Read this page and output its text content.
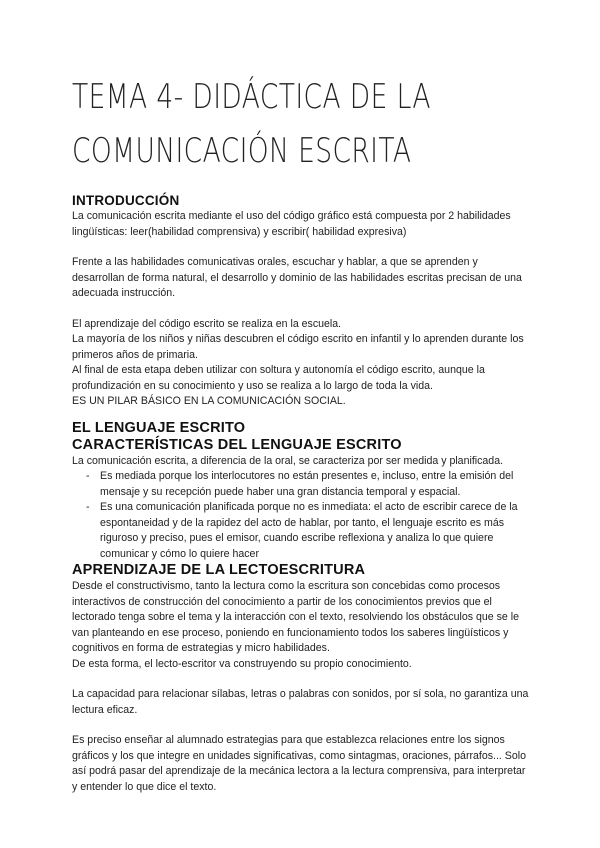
TEMA 4- DIDÁCTICA DE LA COMUNICACIÓN ESCRITA
INTRODUCCIÓN

La comunicación escrita mediante el uso del código gráfico está compuesta por 2 habilidades lingüísticas: leer(habilidad comprensiva) y escribir( habilidad expresiva)

Frente a las habilidades comunicativas orales, escuchar y hablar, a que se aprenden y desarrollan de forma natural, el desarrollo y dominio de las habilidades escritas precisan de una adecuada instrucción.

El aprendizaje del código escrito se realiza en la escuela.

La mayoría de los niños y niñas descubren el código escrito en infantil y lo aprenden durante los primeros años de primaria.

Al final de esta etapa deben utilizar con soltura y autonomía el código escrito, aunque la profundización en su conocimiento y uso se realiza a lo largo de toda la vida.

ES UN PILAR BÁSICO EN LA COMUNICACIÓN SOCIAL.

EL LENGUAJE ESCRITO
CARACTERÍSTICAS DEL LENGUAJE ESCRITO

La comunicación escrita, a diferencia de la oral, se caracteriza por ser medida y planificada.

- Es mediada porque los interlocutores no están presentes e, incluso, entre la emisión del mensaje y su recepción puede haber una gran distancia temporal y espacial.
- Es una comunicación planificada porque no es inmediata: el acto de escribir carece de la espontaneidad y de la rapidez del acto de hablar, por tanto, el lenguaje escrito es más riguroso y preciso, pues el emisor, cuando escribe reflexiona y analiza lo que quiere comunicar y cómo lo quiere hacer
APRENDIZAJE DE LA LECTOESCRITURA

Desde el constructivismo, tanto la lectura como la escritura son concebidas como procesos interactivos de construcción del conocimiento a partir de los conocimientos previos que el lectorado tenga sobre el tema y la interacción con el texto, resolviendo los obstáculos que se le van planteando en ese proceso, poniendo en funcionamiento todos los saberes lingüísticos y cognitivos en forma de estrategias y micro habilidades.

De esta forma, el lecto-escritor va construyendo su propio conocimiento.

La capacidad para relacionar sílabas, letras o palabras con sonidos, por sí sola, no garantiza una lectura eficaz.

Es preciso enseñar al alumnado estrategias para que establezca relaciones entre los signos gráficos y los que integre en unidades significativas, como sintagmas, oraciones, párrafos... Solo así podrá pasar del aprendizaje de la mecánica lectora a la lectura comprensiva, para interpretar y entender lo que dice el texto.
